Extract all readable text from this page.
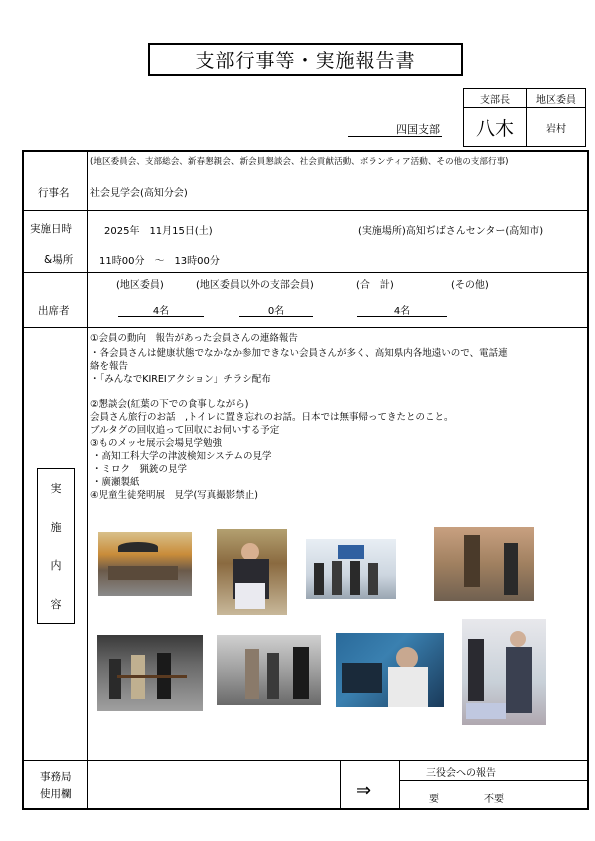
支部行事等・実施報告書
支部長	地区委員
八木	岩村
四国支部
(地区委員会、支部総会、新春懇親会、新会員懇談会、社会貢献活動、ボランティア活動、その他の支部行事)
行事名 社会見学会(高知分会)
実施日時
&場所
2025年　11月15日(土)	(実施場所)高知ぢばさんセンター(高知市)
11時00分　～　13時00分
出席者
(地区委員)	(地区委員以外の支部会員)	(合　計)	(その他)
4名	0名	4名
実
施
内
容
①会員の動向　報告があった会員さんの連絡報告
・各会員さんは健康状態でなかなか参加できない会員さんが多く、高知県内各地遠いので、電話連
絡を報告
・「みんなでKIREIアクション」チラシ配布
②懇談会(紅葉の下での食事しながら)
会員さん旅行のお話　,トイレに置き忘れのお話。日本では無事帰ってきたとのこと。
ブルタグの回収追って回収にお伺いする予定
③ものメッセ展示会場見学勉強
・高知工科大学の津波検知システムの見学
・ミロク　猟銃の見学
・廣瀬製紙
④児童生徒発明展　見学(写真撮影禁止)
事務局
使用欄	⇒
三役会への報告
要	不要
